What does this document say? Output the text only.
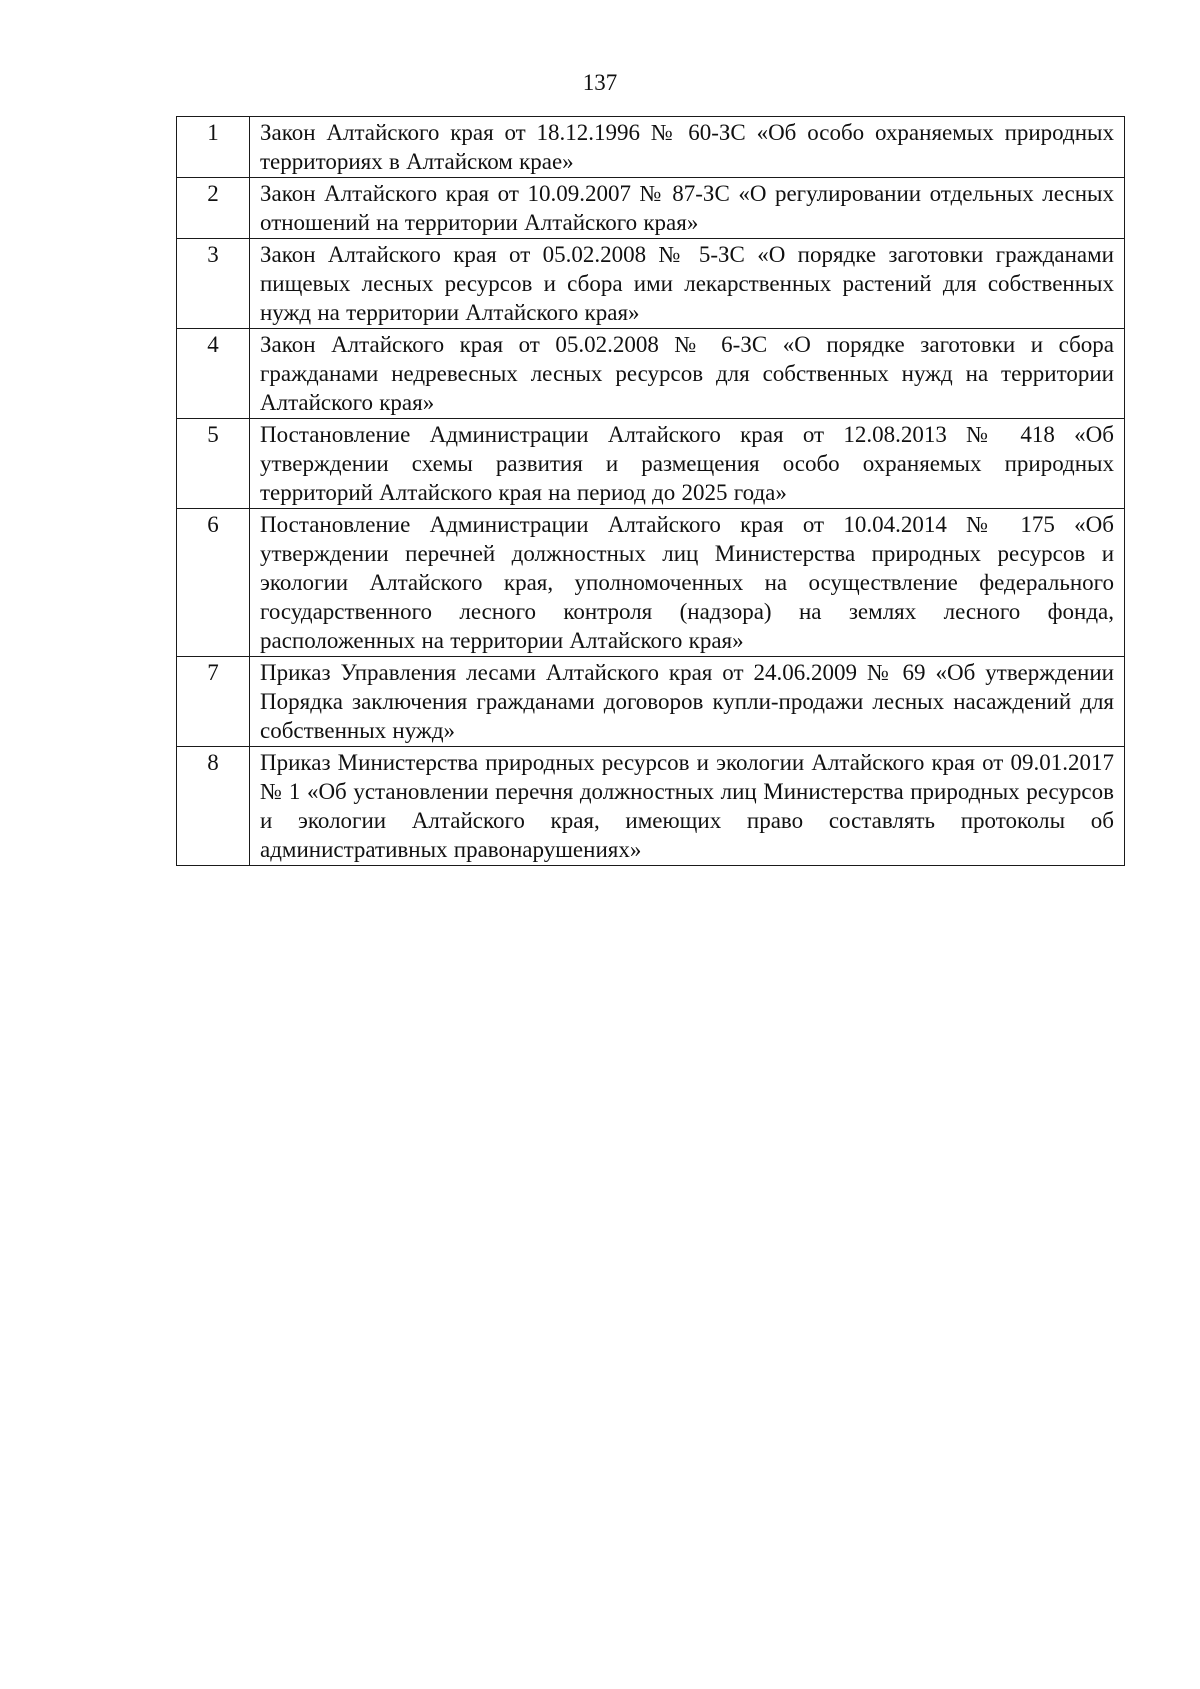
137
1	Закон Алтайского края от 18.12.1996 № 60-ЗС «Об особо охраняемых природных территориях в Алтайском крае»
2	Закон Алтайского края от 10.09.2007 № 87-ЗС «О регулировании отдельных лесных отношений на территории Алтайского края»
3	Закон Алтайского края от 05.02.2008 № 5-ЗС «О порядке заготовки гражданами пищевых лесных ресурсов и сбора ими лекарственных растений для собственных нужд на территории Алтайского края»
4	Закон Алтайского края от 05.02.2008 № 6-ЗС «О порядке заготовки и сбора гражданами недревесных лесных ресурсов для собственных нужд на территории Алтайского края»
5	Постановление Администрации Алтайского края от 12.08.2013 № 418 «Об утверждении схемы развития и размещения особо охраняемых природных территорий Алтайского края на период до 2025 года»
6	Постановление Администрации Алтайского края от 10.04.2014 № 175 «Об утверждении перечней должностных лиц Министерства природных ресурсов и экологии Алтайского края, уполномоченных на осуществление федерального государственного лесного контроля (надзора) на землях лесного фонда, расположенных на территории Алтайского края»
7	Приказ Управления лесами Алтайского края от 24.06.2009 № 69 «Об утверждении Порядка заключения гражданами договоров купли-продажи лесных насаждений для собственных нужд»
8	Приказ Министерства природных ресурсов и экологии Алтайского края от 09.01.2017 № 1 «Об установлении перечня должностных лиц Министерства природных ресурсов и экологии Алтайского края, имеющих право составлять протоколы об административных правонарушениях»
